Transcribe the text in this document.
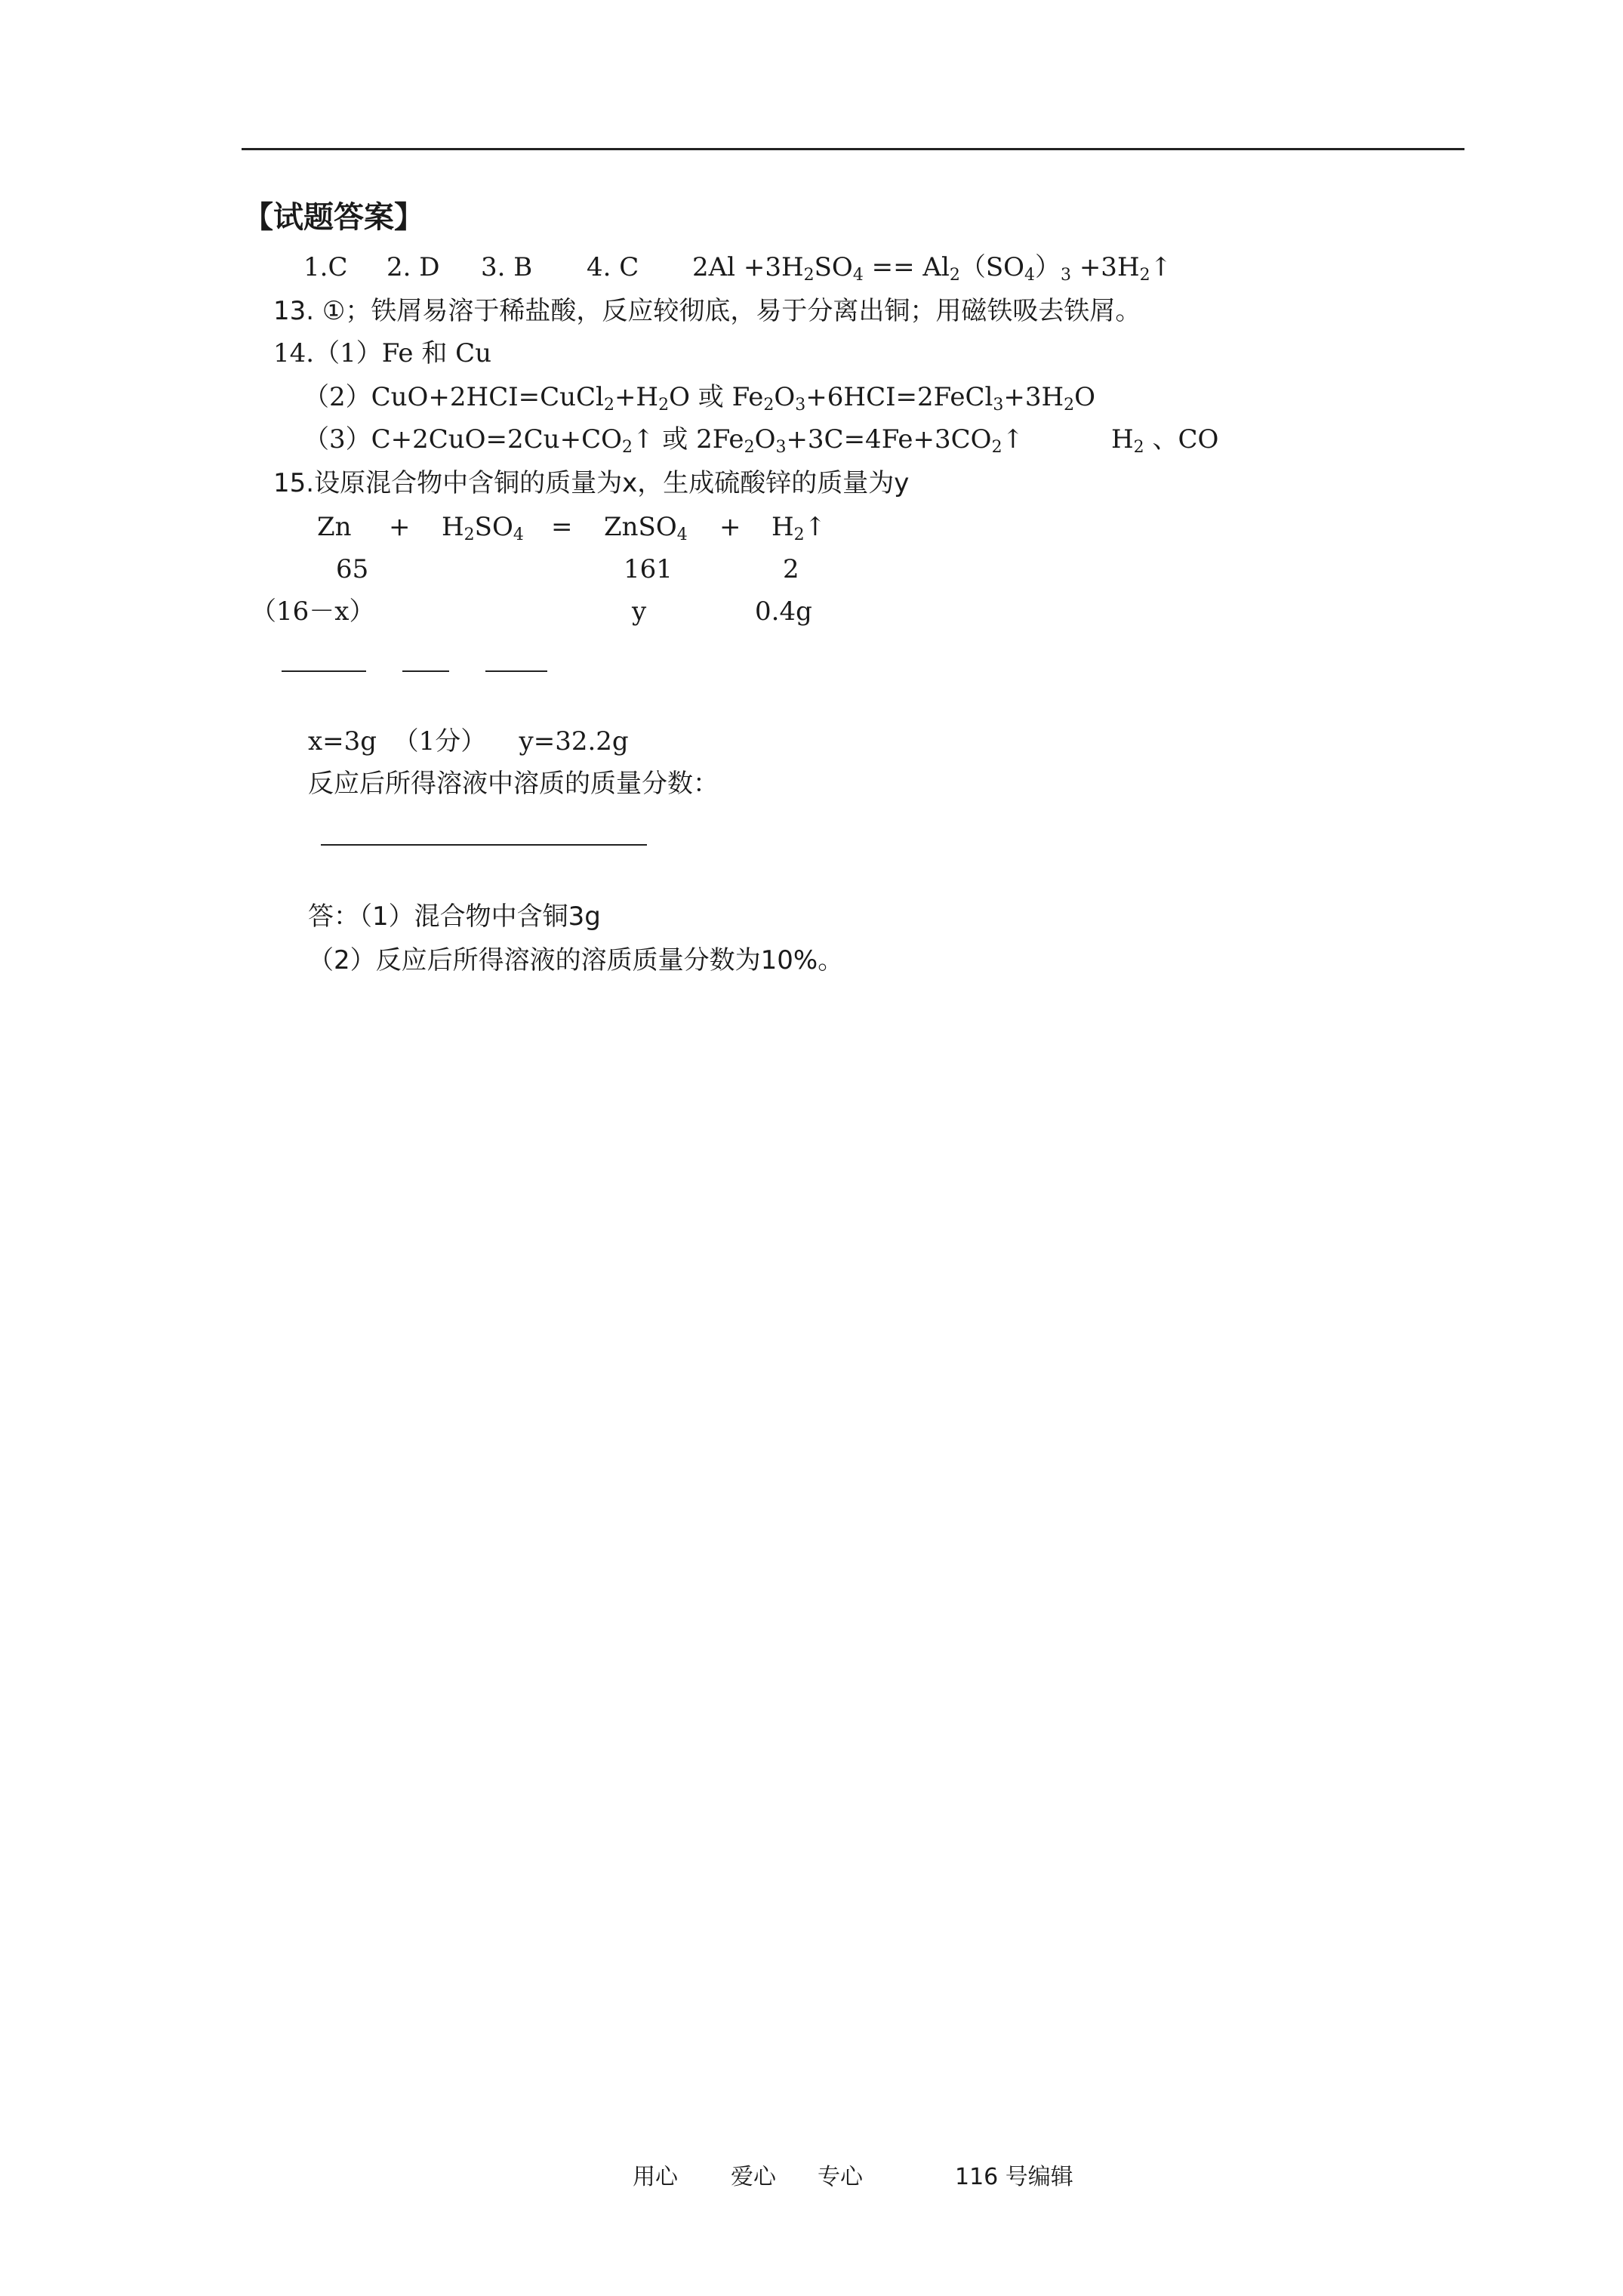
【试题答案】
1.C 2. D 3. B 4. C $2Al +3H_2SO_4 == Al_2(SO_4)_3$ $+3H_2↑$
13. ①；铁屑易溶于稀盐酸，反应较彻底，易于分离出铜；用磁铁吸去铁屑。
14.（1）Fe 和 Cu
$(2)CuO+2HCI=CuCl_2+H_2O$ 或 $Fe_2O_3+6HCI=2FeCl_3+3H_2O$
$(3)C+2CuO=2Cu+CO_2↑$ 或 $2Fe_2O_3+3C=4Fe+3CO_2↑$	$H_2$ 、CO
15.设原混合物中含铜的质量为x，生成硫酸锌的质量为y
$Zn + H_2SO_4$ = ZnSO$_4$ + $H_2↑$
65	161	2
（16－x）	y	0.4g
x=3g  （1分）    y=32.2g
反应后所得溶液中溶质的质量分数：
答：（1）混合物中含铜3g
（2）反应后所得溶液的溶质质量分数为10%。
用心 爱心 专心	116 号编辑
